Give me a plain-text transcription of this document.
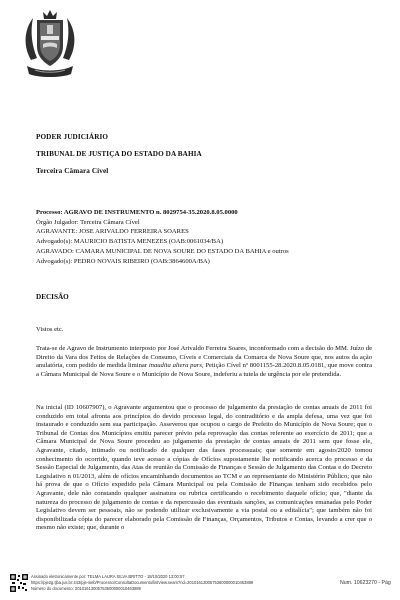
PODER JUDICIÁRIO
TRIBUNAL DE JUSTIÇA DO ESTADO DA BAHIA
Terceira Câmara Cível
Processo: AGRAVO DE INSTRUMENTO n. 8029754-35.2020.8.05.0000
Órgão Julgador: Terceira Câmara Cível
AGRAVANTE: JOSE ARIVALDO FERREIRA SOARES
Advogado(s): MAURICIO BATISTA MENEZES (OAB:0061034/BA)
AGRAVADO: CAMARA MUNICIPAL DE NOVA SOURE DO ESTADO DA BAHIA e outros
Advogado(s): PEDRO NOVAIS RIBEIRO (OAB:3864600A/BA)
DECISÃO
Vistos etc.
Trata-se de Agravo de Instrumento interposto por José Arivaldo Ferreira Soares, inconformado com a decisão do MM. Juízo de Direito da Vara dos Feitos de Relações de Consumo, Cíveis e Comerciais da Comarca de Nova Soure que, nos autos da ação anulatória, com pedido de medida liminar inaudita altera pars, Petição Cível nº 8001155-28.2020.8.05.0181, que move contra a Câmara Municipal de Nova Soure e o Município de Nova Soure, indeferiu a tutela de urgência por ele pretendida.
Na inicial (ID 10607907), o Agravante argumentou que o processo de julgamento da prestação de contas anuais de 2011 foi conduzido em total afronta aos princípios do devido processo legal, do contraditório e da ampla defesa, uma vez que foi instaurado e conduzido sem sua participação. Asseverou que ocupou o cargo de Prefeito do Município de Nova Soure; que o Tribunal de Contas dos Municípios emitiu parecer prévio pela reprovação das contas referente ao exercício de 2011; que a Câmara Municipal de Nova Soure procedeu ao julgamento da prestação de contas anuais de 2011 sem que fosse ele, Agravante, citado, intimado ou notificado de qualquer das fases processuais; que somente em agosto/2020 tomou conhecimento do ocorrido, quando teve acesso a cópias de Ofícios supostamente lhe notificando acerca do processo e da Sessão Especial de Julgamento, das Atas de reunião da Comissão de Finanças e Sessão de Julgamento das Contas e do Decreto Legislativo n 01/2013, além de ofícios encaminhando documentos ao TCM e ao representante do Ministério Público; que não há prova de que o Ofício expedido pela Câmara Municipal ou pela Comissão de Finanças tenham sido recebidos pelo Agravante, dele não constando qualquer assinatura ou rubrica certificando o recebimento daquele ofício; que, "diante da natureza do processo de julgamento de contas e da repercussão das eventuais sanções, as comunicações emanadas pelo Poder Legislativo devem ser pessoais, não se podendo utilizar exclusivamente a via postal ou a editalícia"; que também não foi disponibilizada cópia do parecer elaborado pela Comissão de Finanças, Orçamentos, Tributos e Contas, levando a crer que o mesmo não existe; que, durante o
Assinado eletronicamente por: TELMA LAURA SILVA BRITTO - 18/10/2020 13:00:57
https://pje2g.tjba.jus.br:443/pje-web/Processo/ConsultaDocumento/listView.seam?nd=20101613005753600000010463889
Número do documento: 20101613005753600000010463889
Num. 10623270 - Pág
